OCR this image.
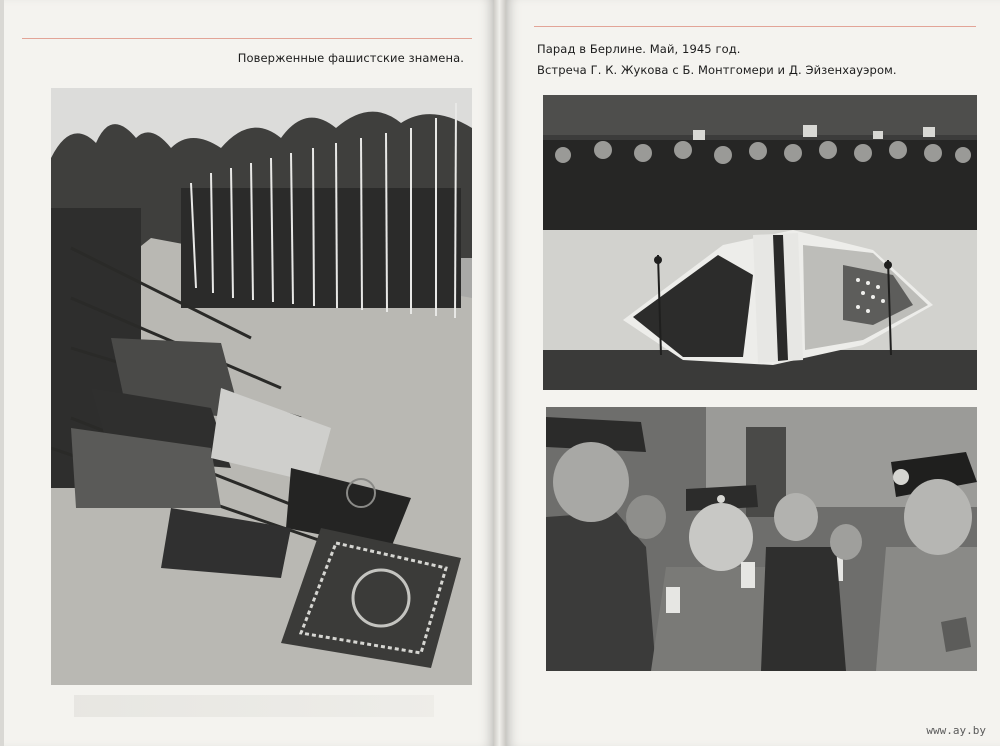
Поверженные фашистские знамена.
Парад в Берлине. Май, 1945 год.
Встреча Г. К. Жукова с Б. Монтгомери и Д. Эйзенхауэром.
www.ay.by
